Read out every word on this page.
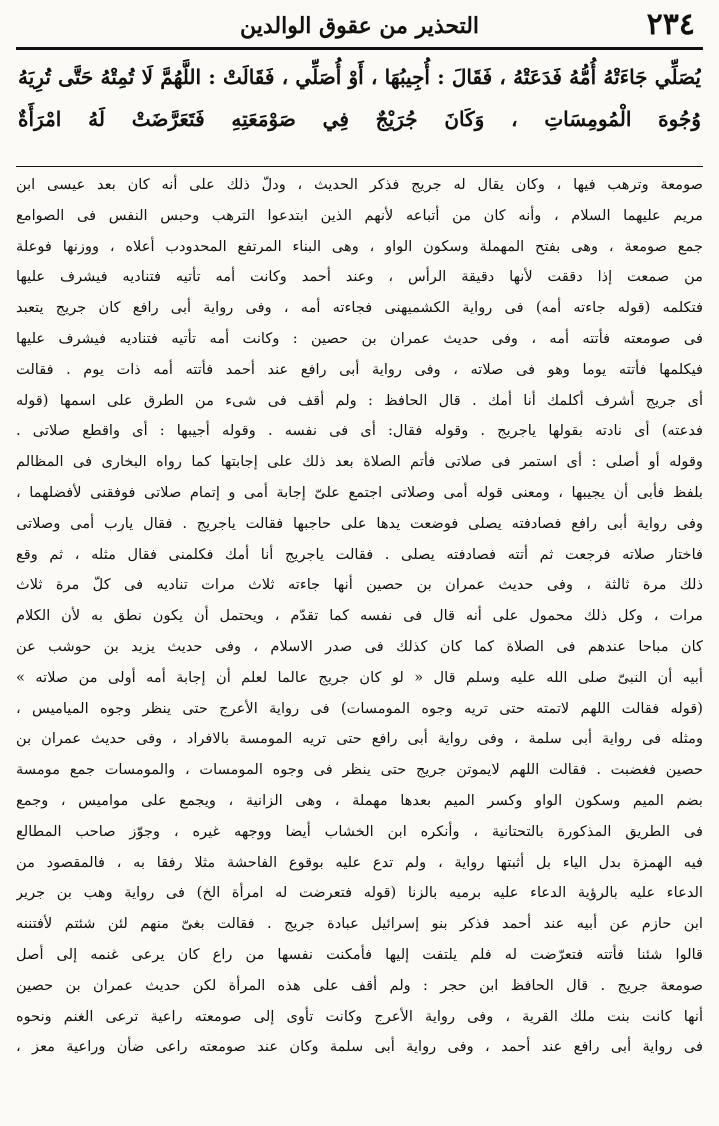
٢٣٤
التحذير من عقوق الوالدين
يُصَلِّي جَاءَتْهُ أُمُّهُ فَدَعَتْهُ ، فَقَالَ : أُجِيبُهَا ، أَوْ أُصَلِّي ، فَقَالَتْ : اللَّهُمَّ لَا تُمِتْهُ حَتَّى تُرِيَهُ
وُجُوهَ الْمُومِسَاتِ ، وَكَانَ جُرَيْجٌ فِي صَوْمَعَتِهِ فَتَعَرَّضَتْ لَهُ امْرَأَةٌ
صومعة وترهب فيها ، وكان يقال له جريج فذكر الحديث ، ودلّ ذلك على أنه كان بعد عيسى ابن
مريم عليهما السلام ، وأنه كان من أتباعه لأنهم الذين ابتدعوا الترهب وحبس النفس فى الصوامع
جمع صومعة ، وهى بفتح المهملة وسكون الواو ، وهى البناء المرتفع المحدودب أعلاه ، ووزنها فوعلة
من صمعت إذا دققت لأنها دقيقة الرأس ، وعند أحمد وكانت أمه تأتيه فتناديه فيشرف عليها
فتكلمه (قوله جاءته أمه) فى رواية الكشميهنى فجاءته أمه ، وفى رواية أبى رافع كان جريج يتعبد
فى صومعته فأتته أمه ، وفى حديث عمران بن حصين : وكانت أمه تأتيه فتناديه فيشرف عليها
فيكلمها فأتته يوما وهو فى صلاته ، وفى رواية أبى رافع عند أحمد فأتته أمه ذات يوم . فقالت
أى جريج أشرف أكلمك أنا أمك . قال الحافظ : ولم أقف فى شىء من الطرق على اسمها (قوله
فدعته) أى نادته بقولها ياجريج . وقوله فقال: أى فى نفسه . وقوله أجيبها : أى واقطع صلاتى .
وقوله أو أصلى : أى استمر فى صلاتى فأتم الصلاة بعد ذلك على إجابتها كما رواه البخارى فى المظالم
بلفظ فأبى أن يجيبها ، ومعنى قوله أمى وصلاتى اجتمع علىّ إجابة أمى و إتمام صلاتى فوفقنى لأفضلهما ،
وفى رواية أبى رافع فصادفته يصلى فوضعت يدها على حاجبها فقالت ياجريج . فقال يارب أمى وصلاتى
فاختار صلاته فرجعت ثم أتته فصادفته يصلى . فقالت ياجريج أنا أمك فكلمنى فقال مثله ، ثم وقع
ذلك مرة ثالثة ، وفى حديث عمران بن حصين أنها جاءته ثلاث مرات تناديه فى كلّ مرة ثلاث
مرات ، وكل ذلك محمول على أنه قال فى نفسه كما تقدّم ، ويحتمل أن يكون نطق به لأن الكلام
كان مباحا عندهم فى الصلاة كما كان كذلك فى صدر الاسلام ، وفى حديث يزيد بن حوشب عن
أبيه أن النبىّ صلى الله عليه وسلم قال « لو كان جريج عالما لعلم أن إجابة أمه أولى من صلاته »
(قوله فقالت اللهم لاتمته حتى تريه وجوه المومسات) فى رواية الأعرج حتى ينظر وجوه المياميس ،
ومثله فى رواية أبى سلمة ، وفى رواية أبى رافع حتى تريه المومسة بالافراد ، وفى حديث عمران بن
حصين فغضبت . فقالت اللهم لايموتن جريج حتى ينظر فى وجوه المومسات ، والمومسات جمع مومسة
بضم الميم وسكون الواو وكسر الميم بعدها مهملة ، وهى الزانية ، ويجمع على مواميس ، وجمع
فى الطريق المذكورة بالتحتانية ، وأنكره ابن الخشاب أيضا ووجهه غيره ، وجوّز صاحب المطالع
فيه الهمزة بدل الياء بل أثبتها رواية ، ولم تدع عليه بوقوع الفاحشة مثلا رفقا به ، فالمقصود من
الدعاء عليه بالرؤية الدعاء عليه برميه بالزنا (قوله فتعرضت له امرأة الخ) فى رواية وهب بن جرير
ابن حازم عن أبيه عند أحمد فذكر بنو إسرائيل عبادة جريج . فقالت بغىّ منهم لئن شئتم لأفتننه
قالوا شئنا فأتته فتعرّضت له فلم يلتفت إليها فأمكنت نفسها من راع كان يرعى غنمه إلى أصل
صومعة جريج . قال الحافظ ابن حجر : ولم أقف على هذه المرأة لكن حديث عمران بن حصين
أنها كانت بنت ملك القرية ، وفى رواية الأعرج وكانت تأوى إلى صومعته راعية ترعى الغنم ونحوه
فى رواية أبى رافع عند أحمد ، وفى رواية أبى سلمة وكان عند صومعته راعى ضأن وراعية معز ،
